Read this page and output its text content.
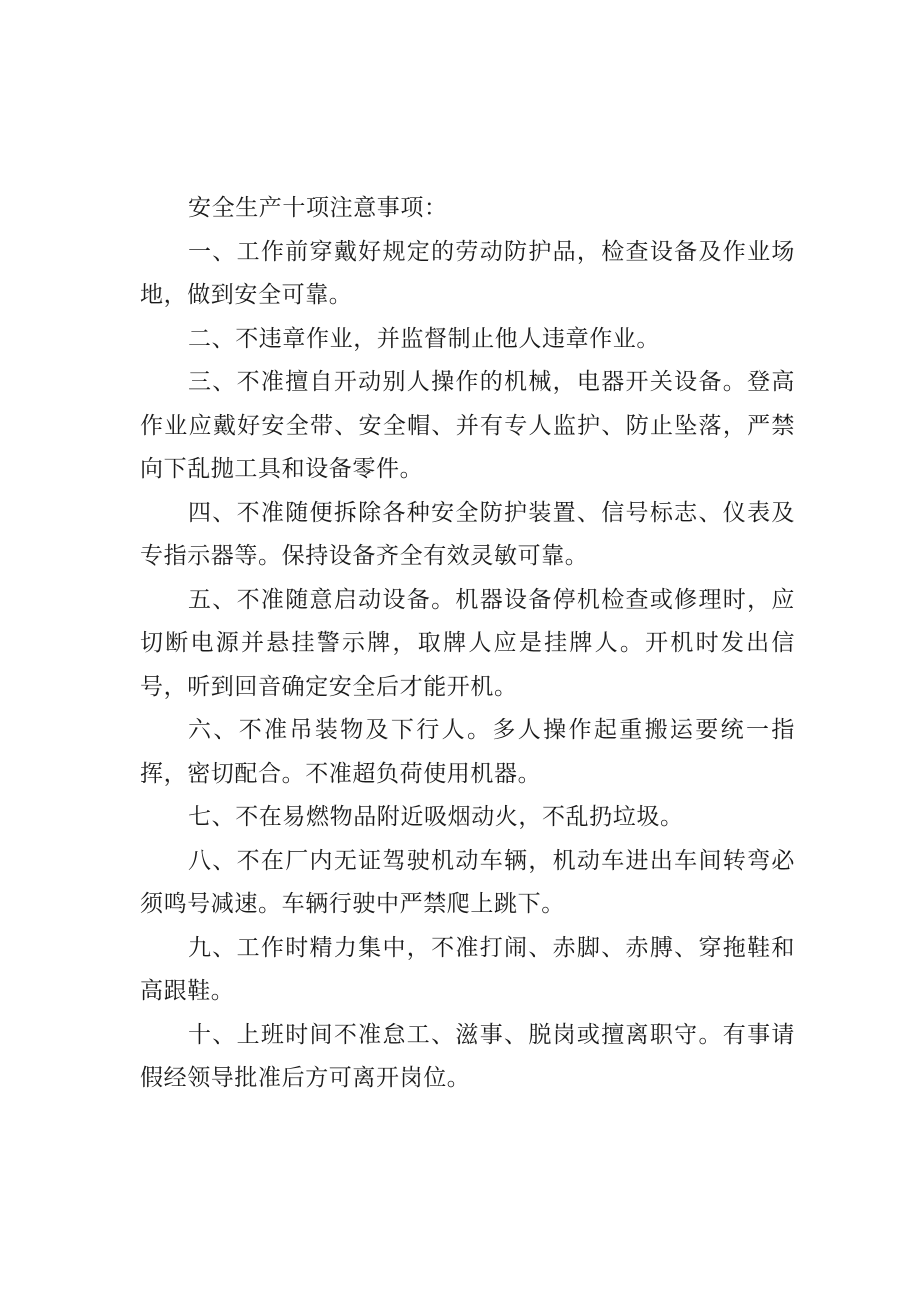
安全生产十项注意事项：

一、工作前穿戴好规定的劳动防护品，检查设备及作业场地，做到安全可靠。

二、不违章作业，并监督制止他人违章作业。

三、不准擅自开动别人操作的机械，电器开关设备。登高作业应戴好安全带、安全帽、并有专人监护、防止坠落，严禁向下乱抛工具和设备零件。

四、不准随便拆除各种安全防护装置、信号标志、仪表及专指示器等。保持设备齐全有效灵敏可靠。

五、不准随意启动设备。机器设备停机检查或修理时，应切断电源并悬挂警示牌，取牌人应是挂牌人。开机时发出信号，听到回音确定安全后才能开机。

六、不准吊装物及下行人。多人操作起重搬运要统一指挥，密切配合。不准超负荷使用机器。

七、不在易燃物品附近吸烟动火，不乱扔垃圾。

八、不在厂内无证驾驶机动车辆，机动车进出车间转弯必须鸣号减速。车辆行驶中严禁爬上跳下。

九、工作时精力集中，不准打闹、赤脚、赤膊、穿拖鞋和高跟鞋。

十、上班时间不准怠工、滋事、脱岗或擅离职守。有事请假经领导批准后方可离开岗位。
